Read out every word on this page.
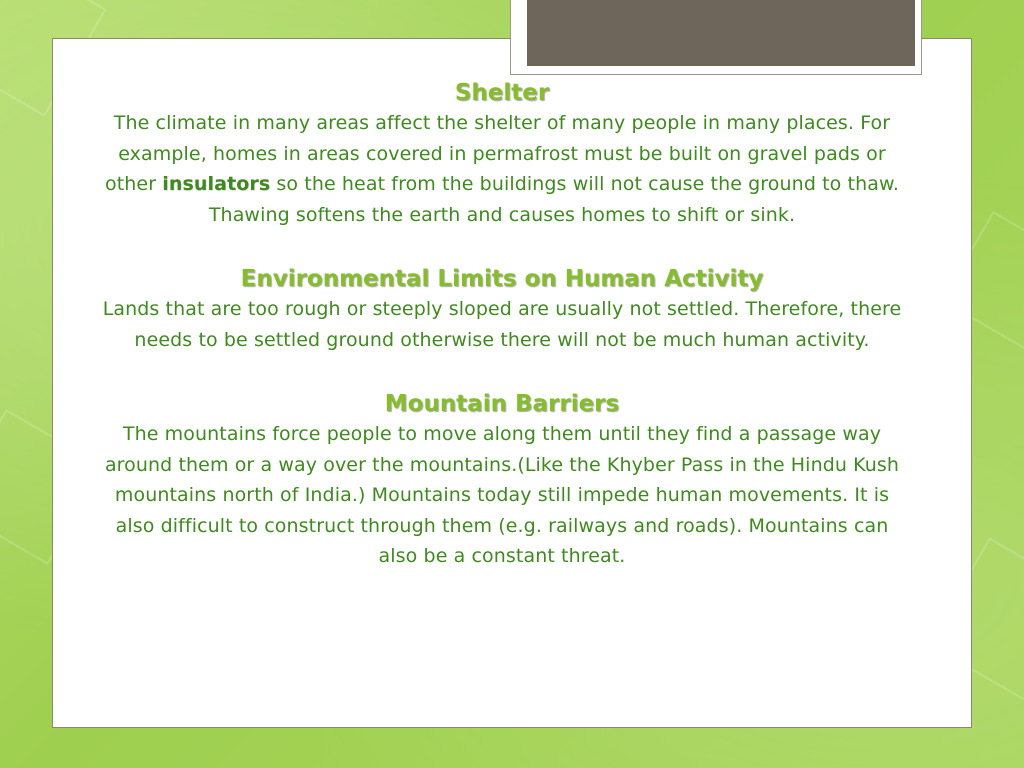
Shelter

The climate in many areas affect the shelter of many people in many places. For example, homes in areas covered in permafrost must be built on gravel pads or other insulators so the heat from the buildings will not cause the ground to thaw. Thawing softens the earth and causes homes to shift or sink.

Environmental Limits on Human Activity

Lands that are too rough or steeply sloped are usually not settled. Therefore, there needs to be settled ground otherwise there will not be much human activity.

Mountain Barriers

The mountains force people to move along them until they find a passage way around them or a way over the mountains.(Like the Khyber Pass in the Hindu Kush mountains north of India.) Mountains today still impede human movements. It is also difficult to construct through them (e.g. railways and roads). Mountains can also be a constant threat.
